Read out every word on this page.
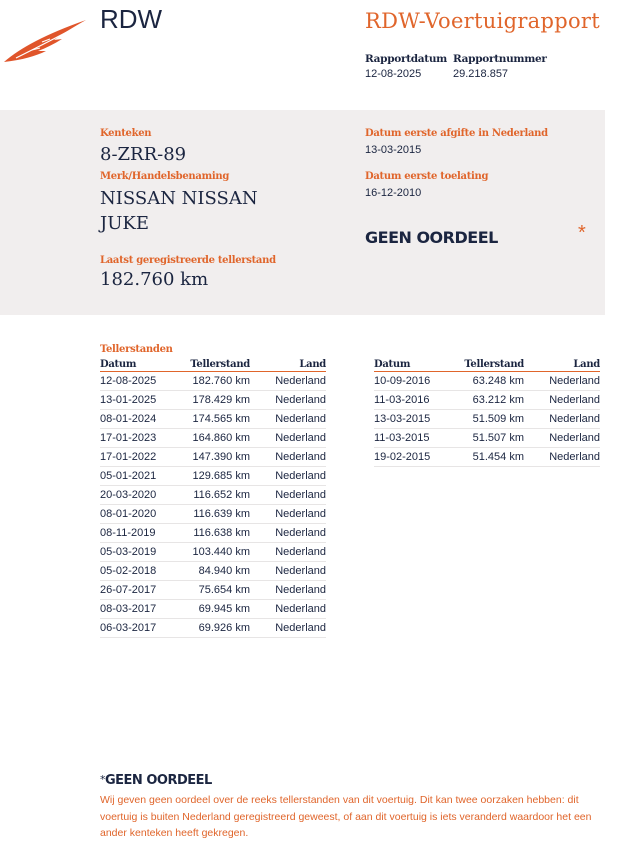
RDW	RDW-Voertuigrapport
Rapportdatum
12-08-2025
Rapportnummer
29.218.857
Kenteken
8-ZRR-89
Merk/Handelsbenaming
NISSAN NISSAN
JUKE
Laatst geregistreerde tellerstand
182.760 km
Datum eerste afgifte in Nederland
13-03-2015
Datum eerste toelating
16-12-2010
GEEN OORDEEL	*
Tellerstanden
Datum	Tellerstand	Land
12-08-2025	182.760 km	Nederland
13-01-2025	178.429 km	Nederland
08-01-2024	174.565 km	Nederland
17-01-2023	164.860 km	Nederland
17-01-2022	147.390 km	Nederland
05-01-2021	129.685 km	Nederland
20-03-2020	116.652 km	Nederland
08-01-2020	116.639 km	Nederland
08-11-2019	116.638 km	Nederland
05-03-2019	103.440 km	Nederland
05-02-2018	84.940 km	Nederland
26-07-2017	75.654 km	Nederland
08-03-2017	69.945 km	Nederland
06-03-2017	69.926 km	Nederland
Datum	Tellerstand	Land
10-09-2016	63.248 km	Nederland
11-03-2016	63.212 km	Nederland
13-03-2015	51.509 km	Nederland
11-03-2015	51.507 km	Nederland
19-02-2015	51.454 km	Nederland
*GEEN OORDEEL
Wij geven geen oordeel over de reeks tellerstanden van dit voertuig. Dit kan twee oorzaken hebben: dit voertuig is buiten Nederland geregistreerd geweest, of aan dit voertuig is iets veranderd waardoor het een ander kenteken heeft gekregen.
